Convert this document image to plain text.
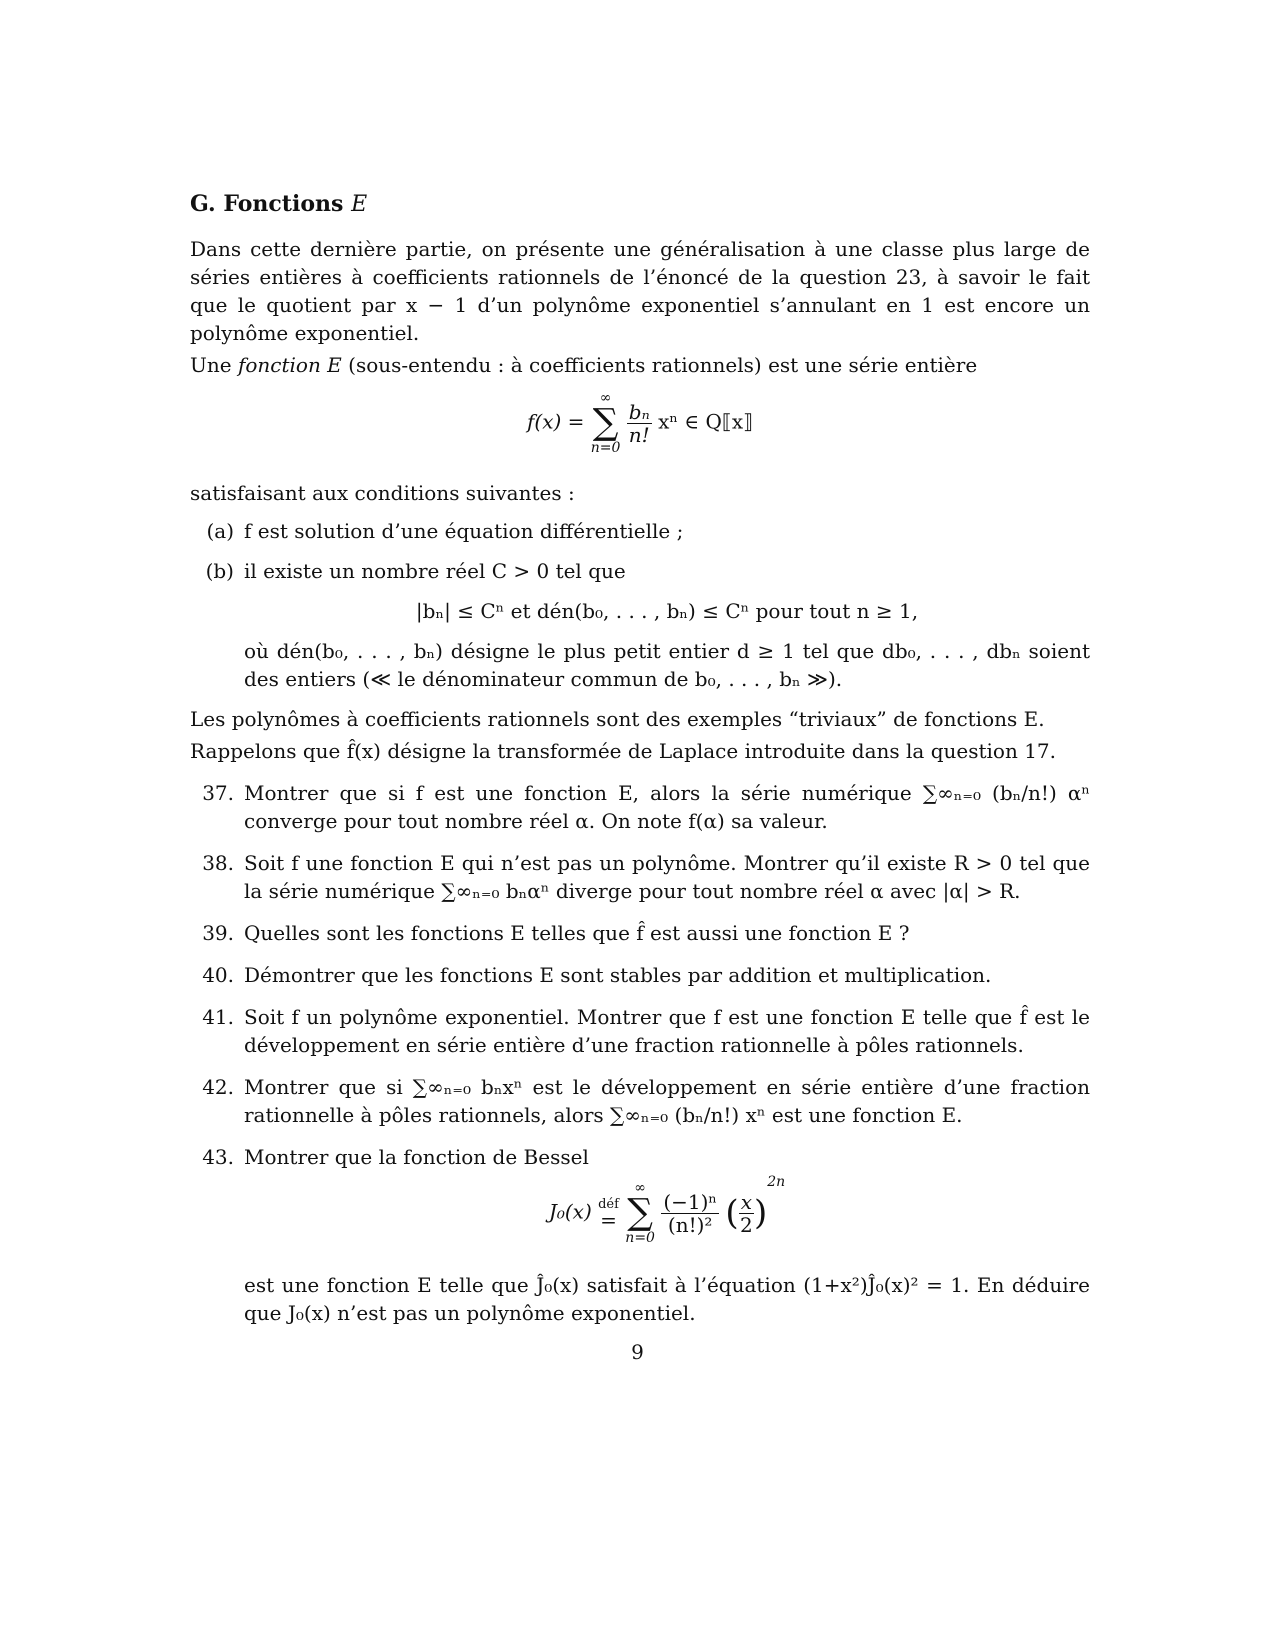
G. Fonctions E

Dans cette dernière partie, on présente une généralisation à une classe plus large de séries entières à coefficients rationnels de l’énoncé de la question 23, à savoir le fait que le quotient par x − 1 d’un polynôme exponentiel s’annulant en 1 est encore un polynôme exponentiel.

Une fonction E (sous-entendu : à coefficients rationnels) est une série entière

f(x) =
∞
∑
n=0

$\frac{\text{bₙ}}{n!}$ xⁿ ∈ Q⟦x⟧

satisfaisant aux conditions suivantes :

(a) f est solution d’une équation différentielle ;
(b) il existe un nombre réel C > 0 tel que
|bₙ| ≤ Cⁿ et dén(b₀, . . . , bₙ) ≤ Cⁿ pour tout n ≥ 1,
où dén(b₀, . . . , bₙ) désigne le plus petit entier d ≥ 1 tel que db₀, . . . , dbₙ soient des entiers (≪ le dénominateur commun de b₀, . . . , bₙ ≫).

Les polynômes à coefficients rationnels sont des exemples “triviaux” de fonctions E.

Rappelons que f̂(x) désigne la transformée de Laplace introduite dans la question 17.

37. Montrer que si f est une fonction E, alors la série numérique ∑∞ₙ₌₀ (bₙ/n!) αⁿ converge pour tout nombre réel α. On note f(α) sa valeur.
38. Soit f une fonction E qui n’est pas un polynôme. Montrer qu’il existe R > 0 tel que la série numérique ∑∞ₙ₌₀ bₙαⁿ diverge pour tout nombre réel α avec |α| > R.
39. Quelles sont les fonctions E telles que f̂ est aussi une fonction E ?
40. Démontrer que les fonctions E sont stables par addition et multiplication.
41. Soit f un polynôme exponentiel. Montrer que f est une fonction E telle que f̂ est le développement en série entière d’une fraction rationnelle à pôles rationnels.
42. Montrer que si ∑∞ₙ₌₀ bₙxⁿ est le développement en série entière d’une fraction rationnelle à pôles rationnels, alors ∑∞ₙ₌₀ (bₙ/n!) xⁿ est une fonction E.
43. Montrer que la fonction de Bessel
J₀(x) déf
=

∞
∑
n=0

$\frac{\text{(−1)ⁿ}}{\text{(n!)²}}$ ( $\frac{x}{2} )^{2n}$
est une fonction E telle que Ĵ₀(x) satisfait à l’équation (1+x²)Ĵ₀(x)² = 1. En déduire que J₀(x) n’est pas un polynôme exponentiel.
9
